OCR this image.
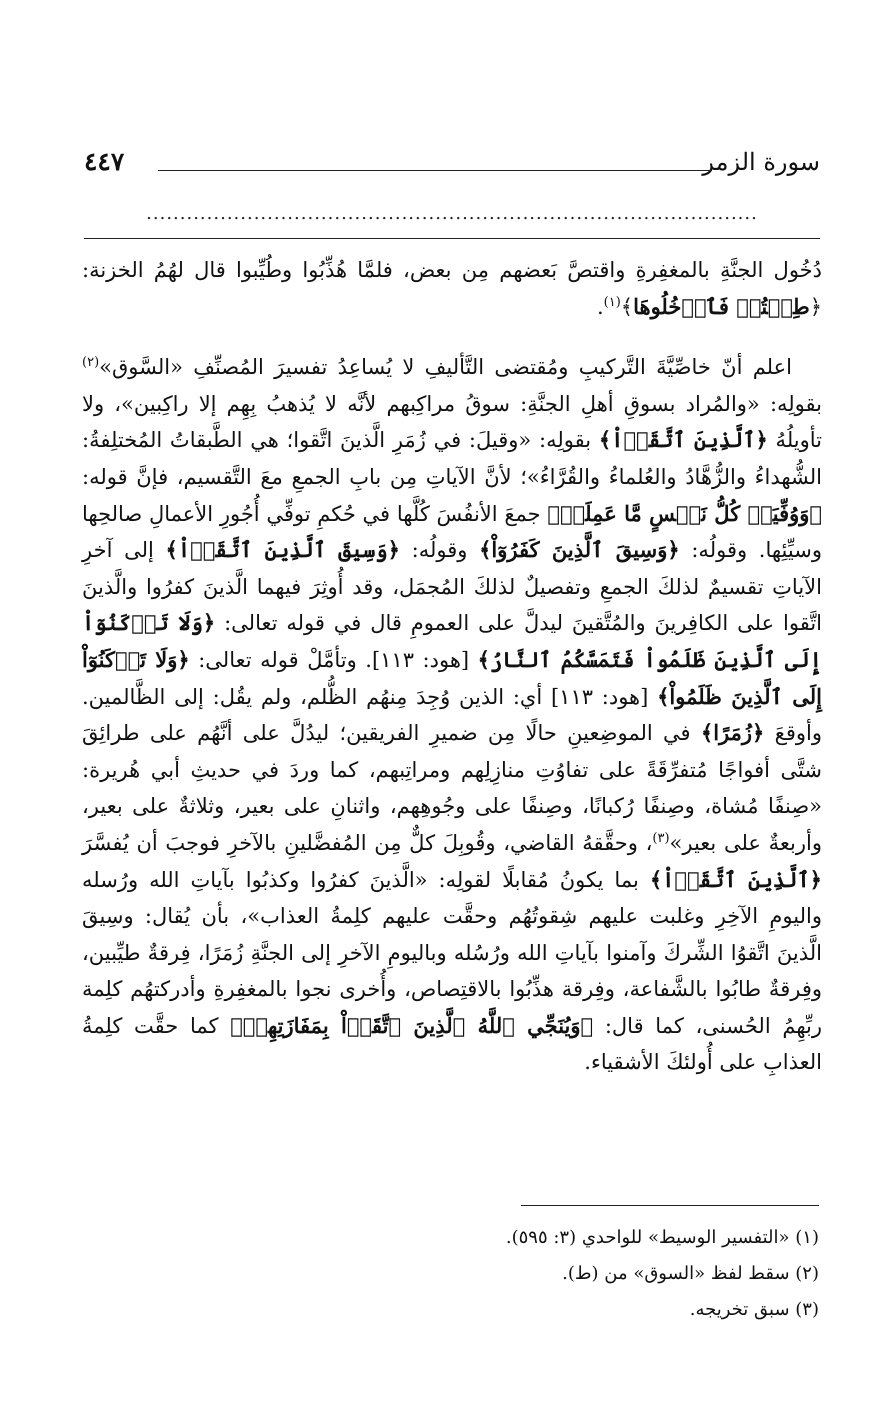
سورة الزمر
٤٤٧
...........................................................................................

دُخُول الجنَّةِ بالمغفِرةِ واقتصَّ بَعضهم مِن بعض، فلمَّا هُذِّبُوا وطُيِّبوا قال لهُمُ الخزنة: ﴿طِبۡتُمۡ فَٱدۡخُلُوهَا﴾$^{(١)}$.

اعلم أنّ خاصِّيَّةَ التَّركيبِ ومُقتضى التَّأليفِ لا يُساعِدُ تفسيرَ المُصنِّفِ «السَّوق»$^{(٢)}$ بقولِه: «والمُراد بسوقِ أهلِ الجنَّةِ: سوقُ مراكِبهم لأنَّه لا يُذهبُ بِهِم إلا راكِبين»، ولا تأويلُهُ ﴿ٱلَّذِينَ ٱتَّقَوۡاْ﴾ بقولِه: «وقيلَ: في زُمَرِ الَّذينَ اتَّقوا؛ هي الطَّبقاتُ المُختلِفةُ: الشُّهداءُ والزُّهَّادُ والعُلماءُ والقُرَّاءُ»؛ لأنَّ الآياتِ مِن بابِ الجمعِ معَ التَّقسيم، فإنَّ قوله: ﴿وَوُفِّيَتۡ كُلُّ نَفۡسٍ مَّا عَمِلَتۡ﴾ جمعَ الأنفُسَ كُلَّها في حُكمِ توفِّي أُجُورِ الأعمالِ صالحِها وسيِّئِها. وقولُه: ﴿وَسِيقَ ٱلَّذِينَ كَفَرُوٓاْ﴾ وقولُه: ﴿وَسِيقَ ٱلَّذِينَ ٱتَّقَوۡاْ﴾ إلى آخرِ الآياتِ تقسيمٌ لذلكَ الجمعِ وتفصيلٌ لذلكَ المُجمَل، وقد أُوثِرَ فيهما الَّذينَ كفرُوا والَّذينَ اتَّقوا على الكافِرينَ والمُتَّقينَ ليدلَّ على العمومِ قال في قوله تعالى: ﴿وَلَا تَرۡكَنُوٓاْ إِلَى ٱلَّذِينَ ظَلَمُواْ فَتَمَسَّكُمُ ٱلنَّارُ﴾ [هود: ١١٣]. وتأمَّلْ قوله تعالى: ﴿وَلَا تَرۡكَنُوٓاْ إِلَى ٱلَّذِينَ ظَلَمُواْ﴾ [هود: ١١٣] أي: الذين وُجِدَ مِنهُم الظُّلم، ولم يقُل: إلى الظَّالمين. وأوقعَ ﴿زُمَرًا﴾ في الموضِعينِ حالًا مِن ضميرِ الفريقين؛ ليدُلَّ على أنَّهُم على طرائِقَ شتَّى أفواجًا مُتفرِّقَةً على تفاوُتِ منازِلِهم ومراتِبهم، كما وردَ في حديثِ أبي هُريرة: «صِنفًا مُشاة، وصِنفًا رُكبانًا، وصِنفًا على وجُوهِهم، واثنانِ على بعير، وثلاثةٌ على بعير، وأربعةٌ على بعير»$^{(٣)}$، وحقَّقهُ القاضي، وقُوبِلَ كلٌّ مِن المُفضَّلينِ بالآخرِ فوجبَ أن يُفسَّرَ ﴿ٱلَّذِينَ ٱتَّقَوۡاْ﴾ بما يكونُ مُقابلًا لقولِه: «الَّذينَ كفرُوا وكذبُوا بآياتِ الله ورُسله واليومِ الآخِرِ وغلبت عليهم شِقوتُهُم وحقَّت عليهم كلِمةُ العذاب»، بأن يُقال: وسِيقَ الَّذينَ اتَّقوُا الشِّركَ وآمنوا بآياتِ الله ورُسُله وباليومِ الآخرِ إلى الجنَّةِ زُمَرًا، فِرقةٌ طيِّبين، وفِرقةٌ طابُوا بالشَّفاعة، وفِرقة هذِّبُوا بالاقتِصاص، وأُخرى نجوا بالمغفِرةِ وأدركتهُم كلِمة ربِّهِمُ الحُسنى، كما قال: ﴿وَيُنَجِّي ٱللَّهُ ٱلَّذِينَ ٱتَّقَوۡاْ بِمَفَازَتِهِمۡ﴾ كما حقَّت كلِمةُ العذابِ على أُولئكَ الأشقياء.

(١) «التفسير الوسيط» للواحدي (٣: ٥٩٥).
(٢) سقط لفظ «السوق» من (ط).
(٣) سبق تخريجه.
